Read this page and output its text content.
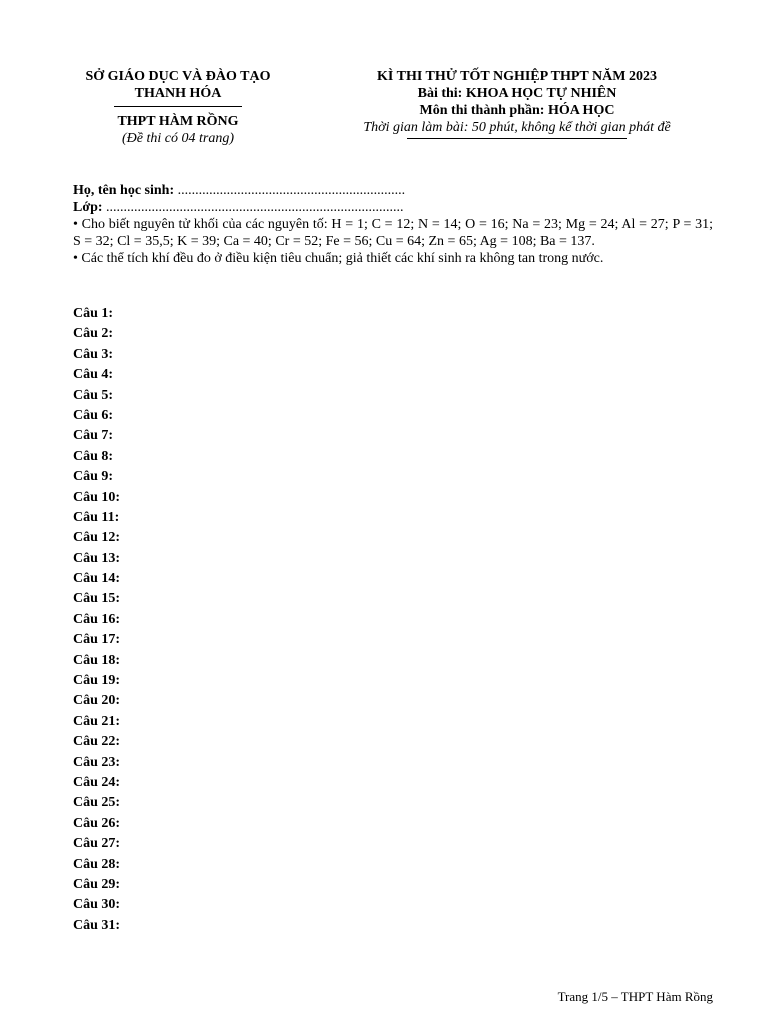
SỞ GIÁO DỤC VÀ ĐÀO TẠO
THANH HÓA
THPT HÀM RỒNG
(Đề thi có 04 trang)
KÌ THI THỬ TỐT NGHIỆP THPT NĂM 2023
Bài thi: KHOA HỌC TỰ NHIÊN
Môn thi thành phần: HÓA HỌC
Thời gian làm bài: 50 phút, không kể thời gian phát đề
Họ, tên học sinh: .................................................................
Lớp: .....................................................................................
• Cho biết nguyên tử khối của các nguyên tố: H = 1; C = 12; N = 14; O = 16; Na = 23; Mg = 24; Al = 27; P = 31; S = 32; Cl = 35,5; K = 39; Ca = 40; Cr = 52; Fe = 56; Cu = 64; Zn = 65; Ag = 108; Ba = 137.
• Các thể tích khí đều đo ở điều kiện tiêu chuẩn; giả thiết các khí sinh ra không tan trong nước.
Câu 1:
Câu 2:
Câu 3:
Câu 4:
Câu 5:
Câu 6:
Câu 7:
Câu 8:
Câu 9:
Câu 10:
Câu 11:
Câu 12:
Câu 13:
Câu 14:
Câu 15:
Câu 16:
Câu 17:
Câu 18:
Câu 19:
Câu 20:
Câu 21:
Câu 22:
Câu 23:
Câu 24:
Câu 25:
Câu 26:
Câu 27:
Câu 28:
Câu 29:
Câu 30:
Câu 31:
Trang 1/5 – THPT Hàm Rồng
